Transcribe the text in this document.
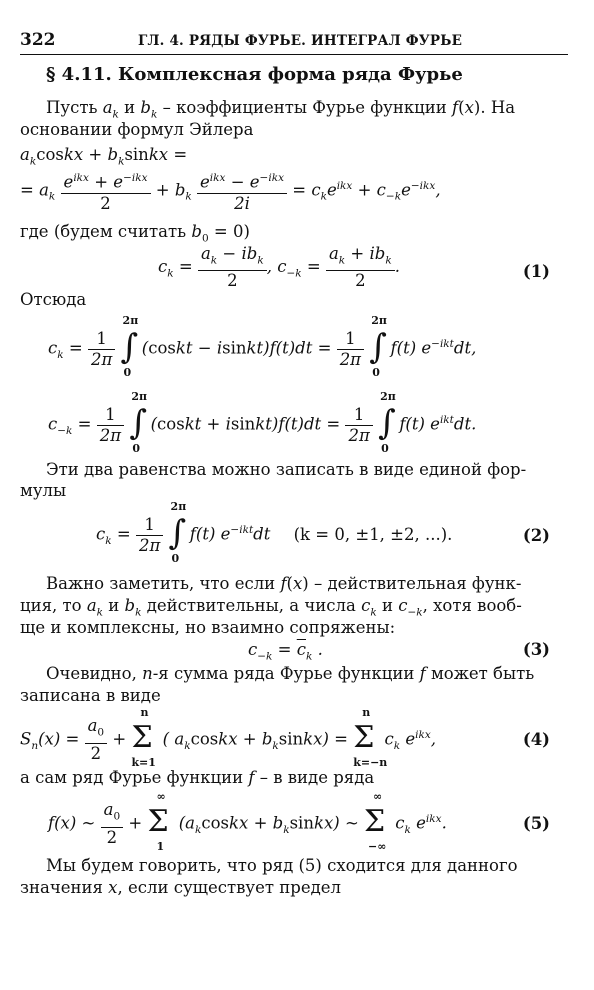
322	ГЛ. 4. РЯДЫ ФУРЬЕ. ИНТЕГРАЛ ФУРЬЕ
§ 4.11. Комплексная форма ряда Фурье
Пусть $a_k$ и $b_k$ – коэффициенты Фурье функции f(x). На
основании формул Эйлера
$a_kcoskx$ + $b_ksinkx$ =
= $a_k \frac{e^{ikx} + e^{-ikx}}{2} + b_k \frac{e^{ikx} - e^{-ikx}}{2i} = c_ke^{ikx} + c_{-k}e^{-ikx}$,
где (будем считать $b_0 = 0$)
$c_k = \frac{a_k - ib_k}{2}$ , $c_{-k} = \frac{a_k + ib_k}{2}$ .	(1)
Отсюда
$c_k = \frac{1}{2\pi}$
∫
2π
0
(coskt − isinkt)f(t)dt = $\frac{1}{2\pi}$
∫
2π
0
f(t) $e^{-ikt}dt$,
$c_{-k} = \frac{1}{2\pi}$
∫
2π
0
(coskt + isinkt)f(t)dt = $\frac{1}{2\pi}$
∫
2π
0
f(t) $e^{ikt}dt$.
Эти два равенства можно записать в виде единой фор-
мулы
$c_k = \frac{1}{2\pi}$
∫
2π
0
f(t) $e^{-ikt}dt$ (k = 0, ±1, ±2, ...).	(2)
Важно заметить, что если f(x) – действительная функ-
ция, то $a_k$ и $b_k$ действительны, а числа $c_k$ и $c_{-k}$, хотя вооб-
ще и комплексны, но взаимно сопряжены:
$c_{-k} = \overline{c}_k$ .	(3)
Очевидно, n-я сумма ряда Фурье функции f может быть
записана в виде
$S_n(x) = \frac{a_0}{2} + \Sigma$
n
k=1
( $a_kcoskx$ + $b_ksinkx) = \Sigma$
n
k=−n
$c_k$ $e^{ikx}$,	(4)
а сам ряд Фурье функции f – в виде ряда
f(x) ~ $\frac{a_0}{2} + \Sigma$
∞
1
($a_kcoskx$ + $b_ksinkx$) ~ Σ
∞
−∞
$c_k$ $e^{ikx}$.	(5)
Мы будем говорить, что ряд (5) сходится для данного
значения x, если существует предел
